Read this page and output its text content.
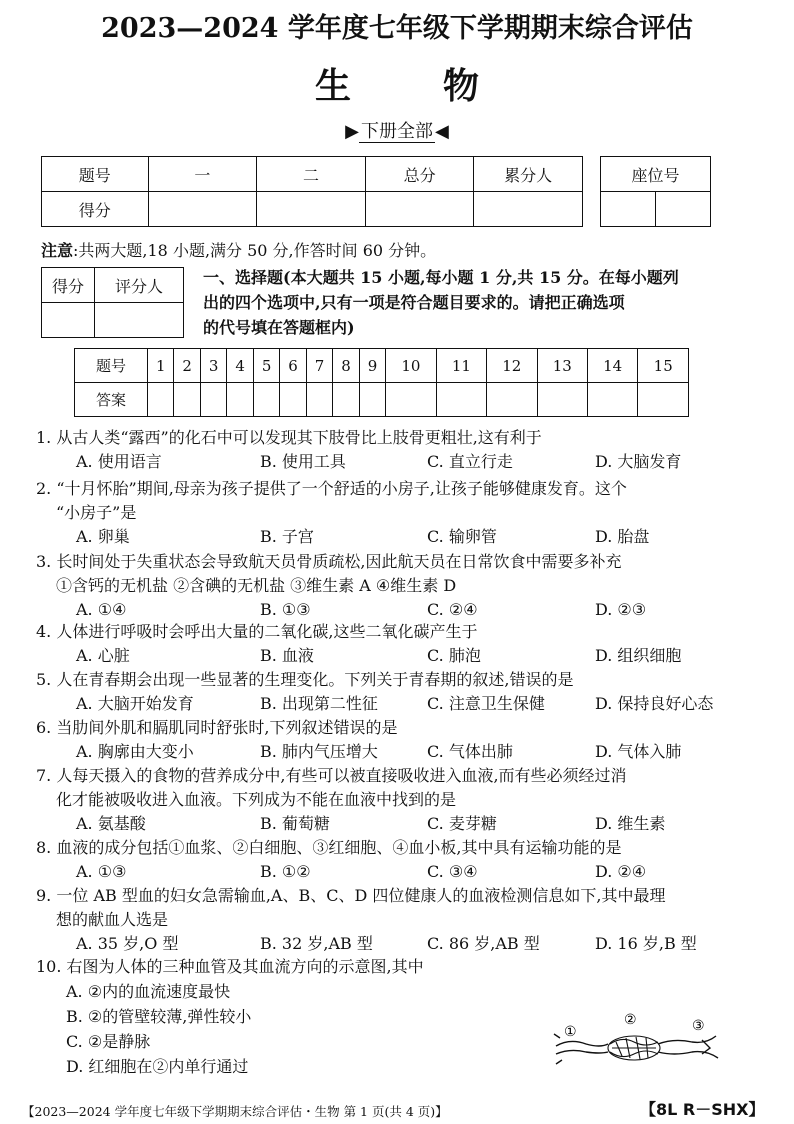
2023—2024 学年度七年级下学期期末综合评估
生	物
▶ 下册全部 ◀
题号	一	二	总分	累分人
得分				
座位号

注意:共两大题,18 小题,满分 50 分,作答时间 60 分钟。
得分	评分人
		一、选择题(本大题共 15 小题,每小题 1 分,共 15 分。在每小题列
出的四个选项中,只有一项是符合题目要求的。请把正确选项
的代号填在答题框内)
题号	1	2	3	4	5	6	7	8	9	10	11	12	13	14	15
答案															
1. 从古人类“露西”的化石中可以发现其下肢骨比上肢骨更粗壮,这有利于
A. 使用语言	B. 使用工具	C. 直立行走	D. 大脑发育
2. “十月怀胎”期间,母亲为孩子提供了一个舒适的小房子,让孩子能够健康发育。这个
“小房子”是
A. 卵巢	B. 子宫	C. 输卵管	D. 胎盘
3. 长时间处于失重状态会导致航天员骨质疏松,因此航天员在日常饮食中需要多补充
①含钙的无机盐 ②含碘的无机盐 ③维生素 A ④维生素 D
A. ①④	B. ①③	C. ②④	D. ②③
4. 人体进行呼吸时会呼出大量的二氧化碳,这些二氧化碳产生于
A. 心脏	B. 血液	C. 肺泡	D. 组织细胞
5. 人在青春期会出现一些显著的生理变化。下列关于青春期的叙述,错误的是
A. 大脑开始发育	B. 出现第二性征	C. 注意卫生保健	D. 保持良好心态
6. 当肋间外肌和膈肌同时舒张时,下列叙述错误的是
A. 胸廓由大变小	B. 肺内气压增大	C. 气体出肺	D. 气体入肺
7. 人每天摄入的食物的营养成分中,有些可以被直接吸收进入血液,而有些必须经过消
化才能被吸收进入血液。下列成为不能在血液中找到的是
A. 氨基酸	B. 葡萄糖	C. 麦芽糖	D. 维生素
8. 血液的成分包括①血浆、②白细胞、③红细胞、④血小板,其中具有运输功能的是
A. ①③	B. ①②	C. ③④	D. ②④
9. 一位 AB 型血的妇女急需输血,A、B、C、D 四位健康人的血液检测信息如下,其中最理
想的献血人选是
A. 35 岁,O 型	B. 32 岁,AB 型	C. 86 岁,AB 型	D. 16 岁,B 型
10. 右图为人体的三种血管及其血流方向的示意图,其中
A. ②内的血流速度最快
B. ②的管壁较薄,弹性较小
C. ②是静脉
D. 红细胞在②内单行通过
①
②	③
【2023—2024 学年度七年级下学期期末综合评估・生物 第 1 页(共 4 页)】	【8L R－SHX】
